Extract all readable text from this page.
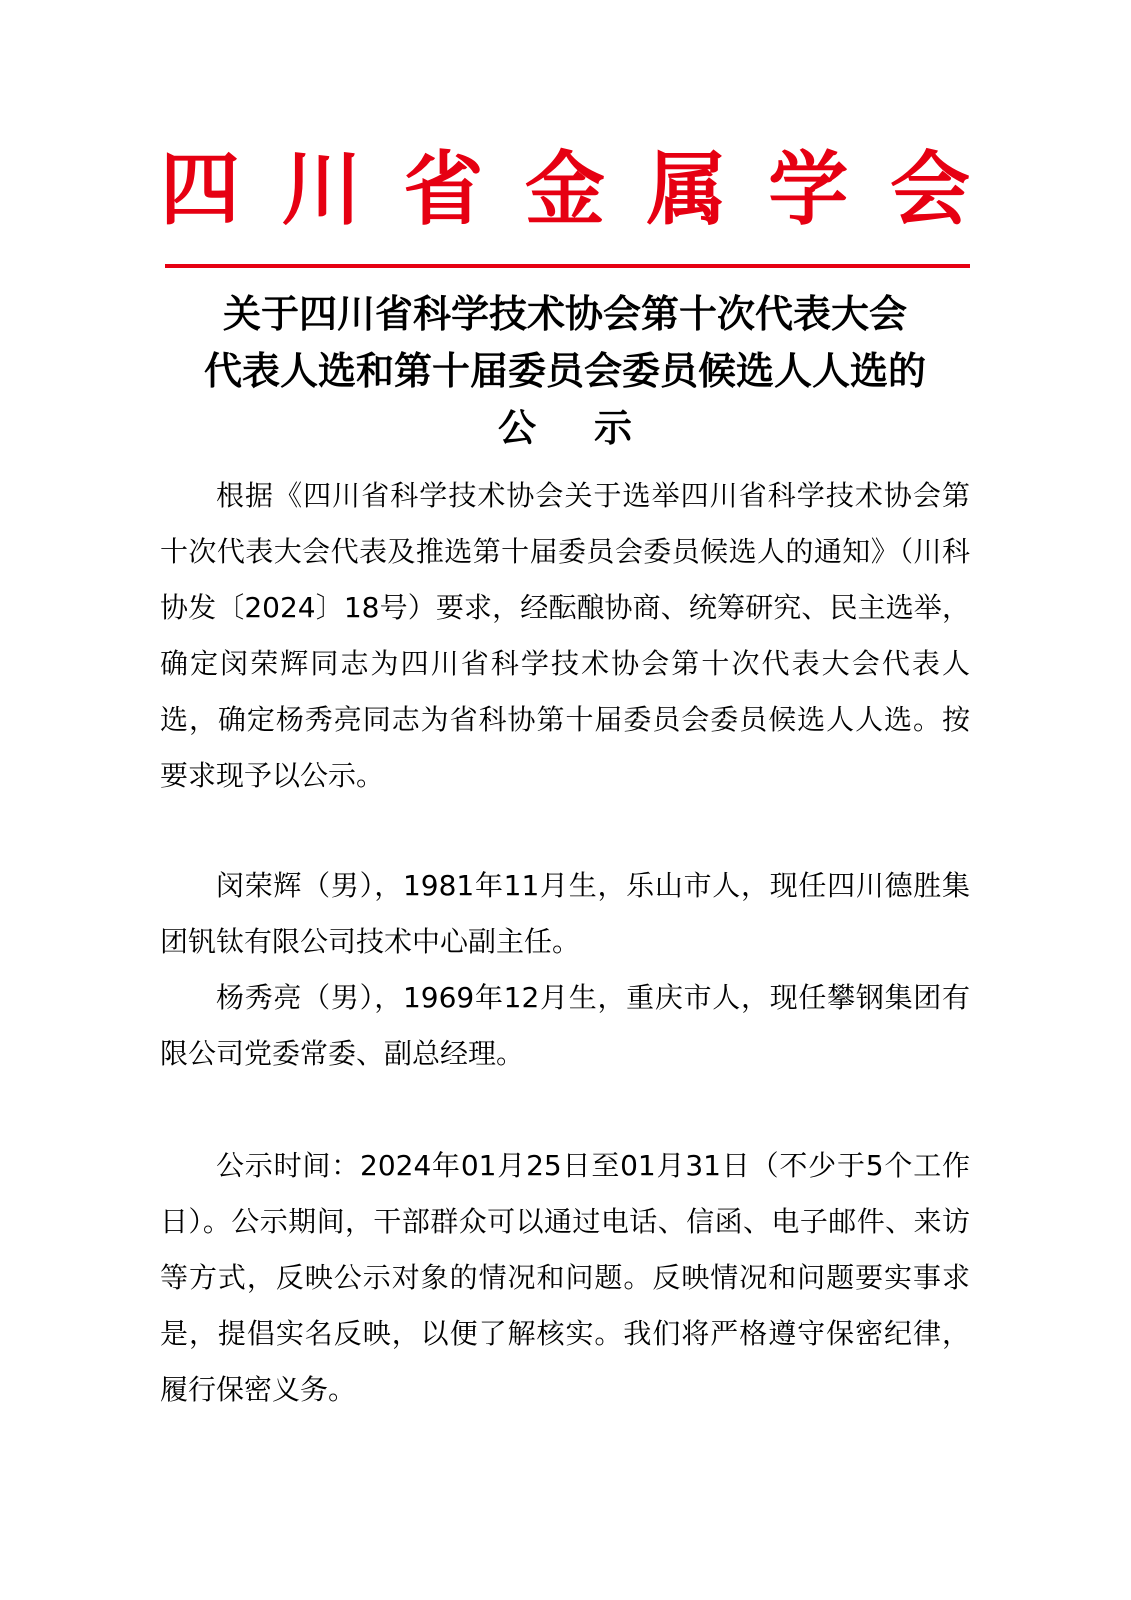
四 川 省 金 属 学 会
关于四川省科学技术协会第十次代表大会
代表人选和第十届委员会委员候选人人选的
公示

根据《四川省科学技术协会关于选举四川省科学技术协会第十次代表大会代表及推选第十届委员会委员候选人的通知》（川科协发〔2024〕18号）要求，经酝酿协商、统筹研究、民主选举，确定闵荣辉同志为四川省科学技术协会第十次代表大会代表人选，确定杨秀亮同志为省科协第十届委员会委员候选人人选。按要求现予以公示。

闵荣辉（男），1981年11月生，乐山市人，现任四川德胜集团钒钛有限公司技术中心副主任。

杨秀亮（男），1969年12月生，重庆市人，现任攀钢集团有限公司党委常委、副总经理。

公示时间：2024年01月25日至01月31日（不少于5个工作日）。公示期间，干部群众可以通过电话、信函、电子邮件、来访等方式，反映公示对象的情况和问题。反映情况和问题要实事求是，提倡实名反映，以便了解核实。我们将严格遵守保密纪律，履行保密义务。
